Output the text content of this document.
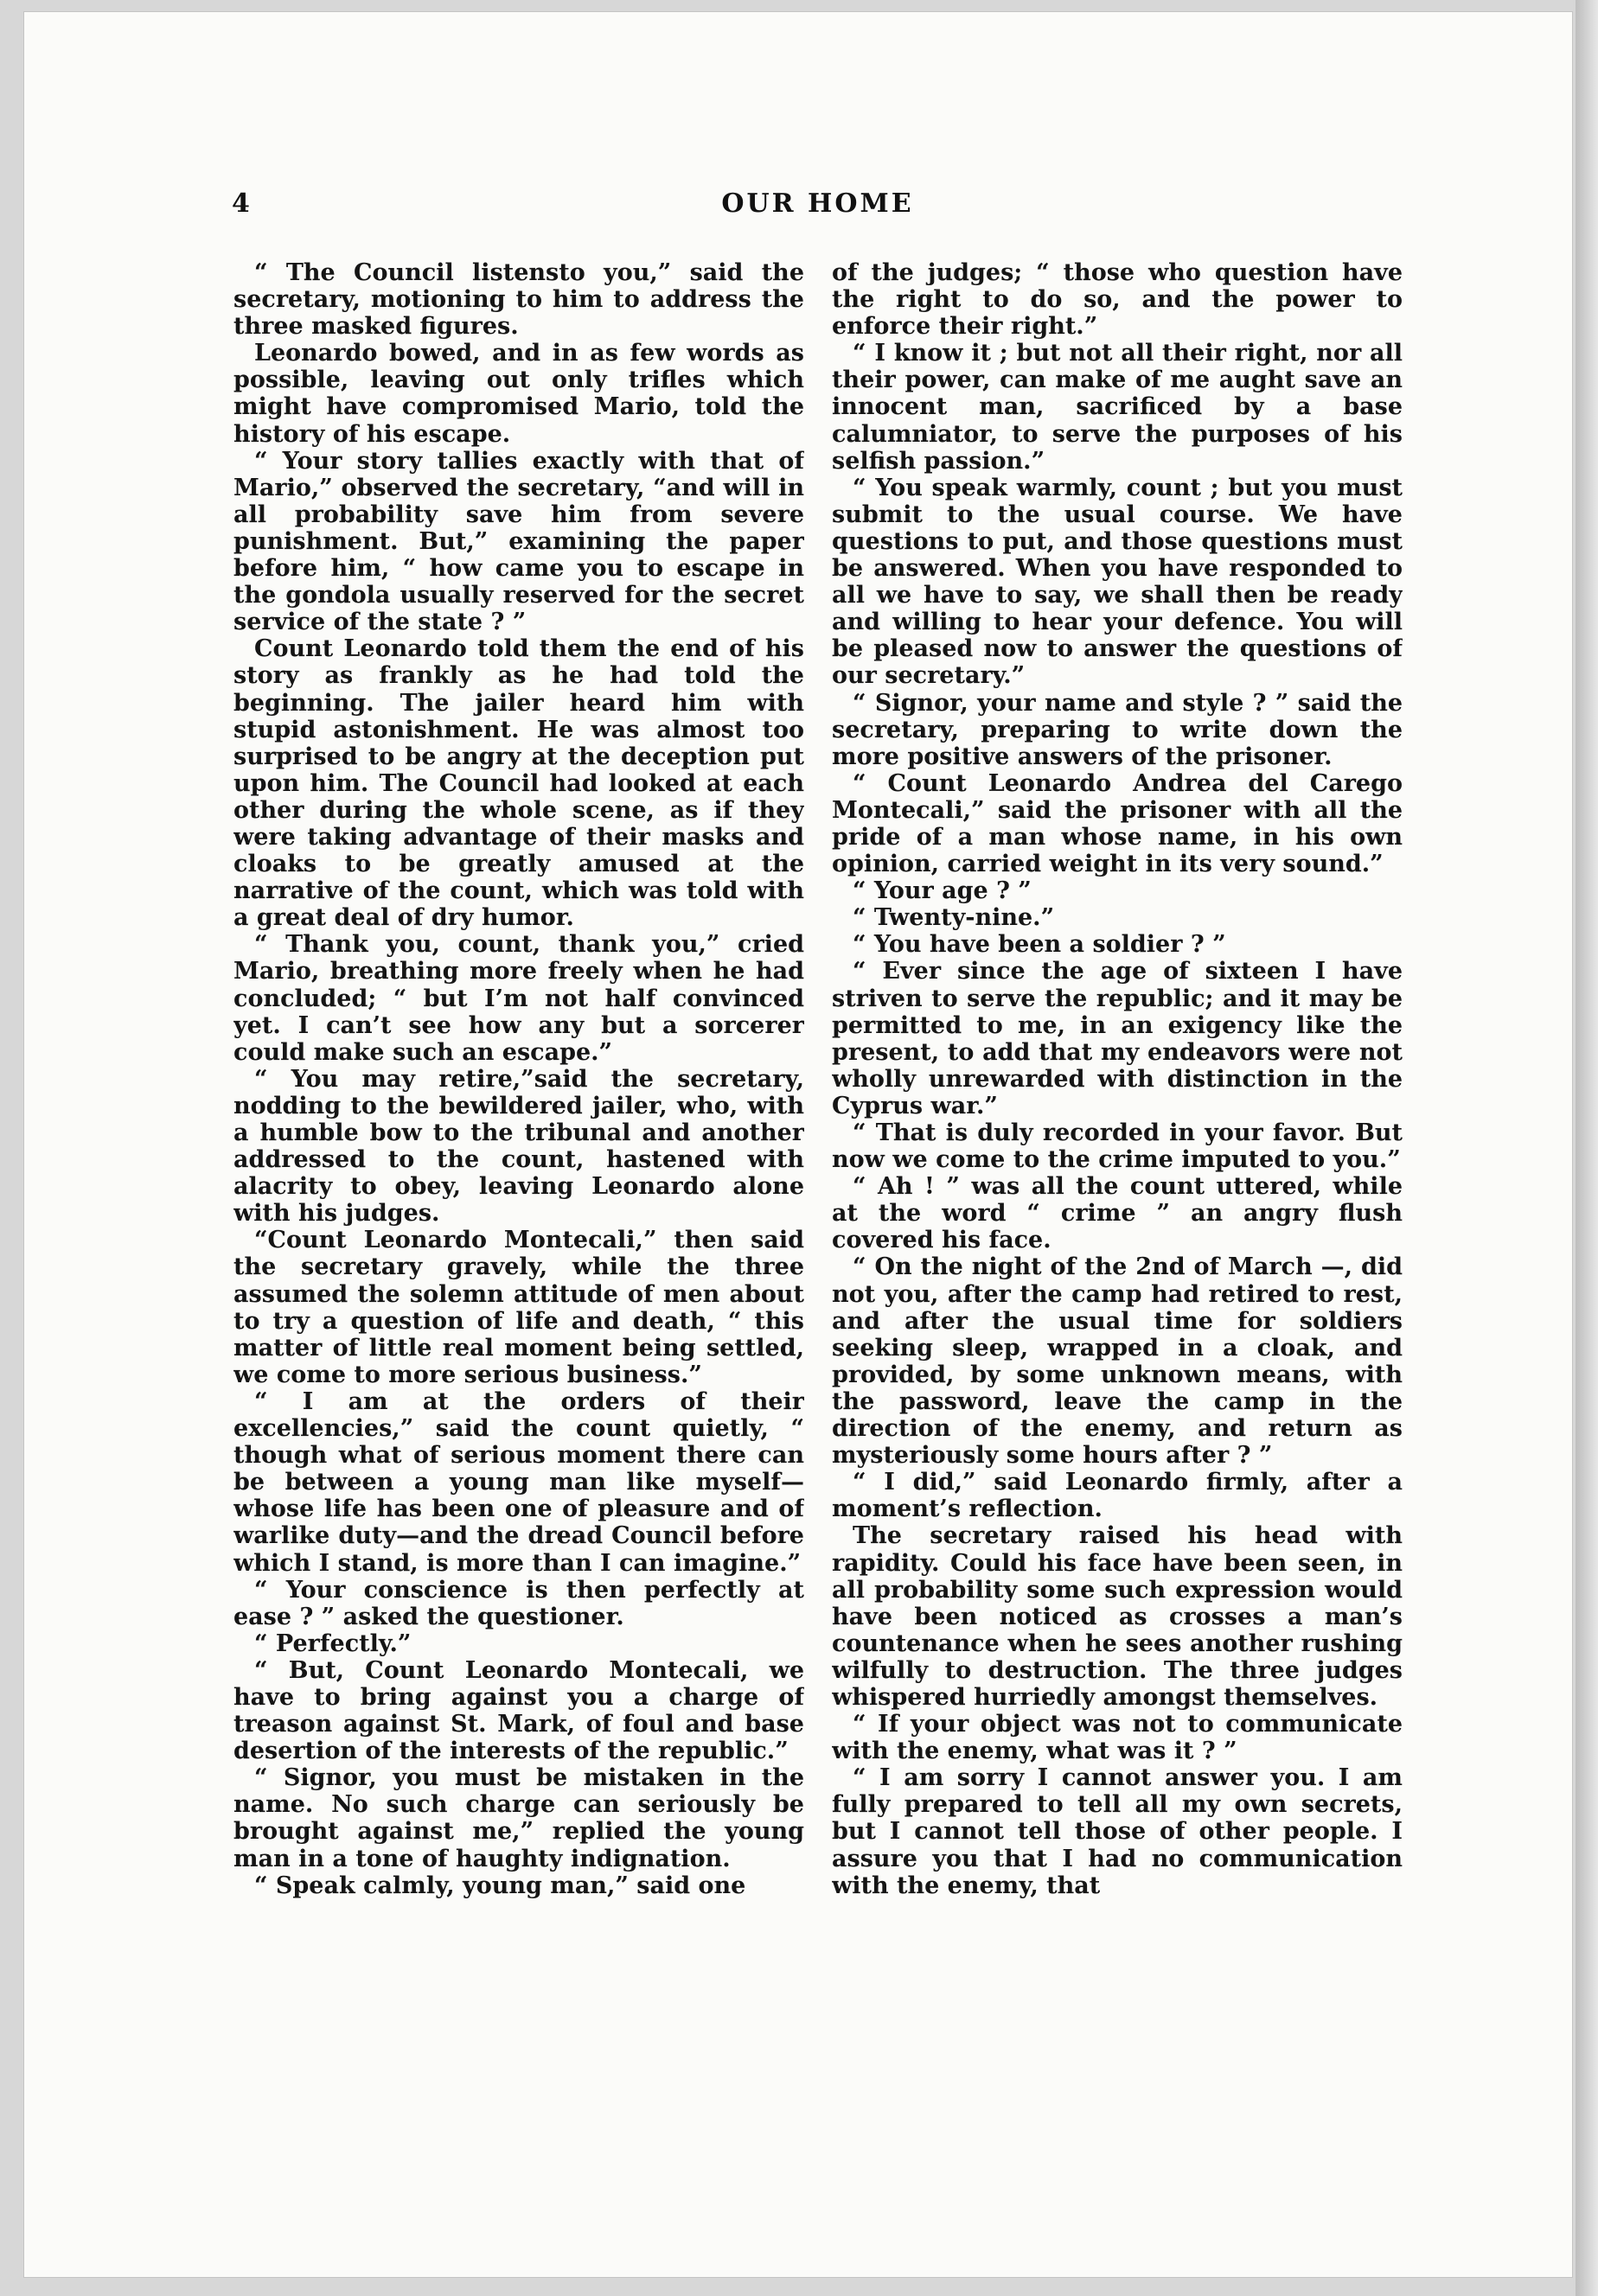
4	OUR HOME

“ The Council listensto you,” said the secretary, motioning to him to address the three masked figures.

Leonardo bowed, and in as few words as possible, leaving out only trifles which might have compromised Mario, told the history of his escape.

“ Your story tallies exactly with that of Mario,” observed the secretary, “and will in all probability save him from severe punishment. But,” examining the paper before him, “ how came you to escape in the gondola usually reserved for the secret service of the state ? ”

Count Leonardo told them the end of his story as frankly as he had told the beginning. The jailer heard him with stupid astonishment. He was almost too surprised to be angry at the deception put upon him. The Council had looked at each other during the whole scene, as if they were taking advantage of their masks and cloaks to be greatly amused at the narrative of the count, which was told with a great deal of dry humor.

“ Thank you, count, thank you,” cried Mario, breathing more freely when he had concluded; “ but I’m not half convinced yet. I can’t see how any but a sorcerer could make such an escape.”

“ You may retire,”said the secretary, nodding to the bewildered jailer, who, with a humble bow to the tribunal and another addressed to the count, hastened with alacrity to obey, leaving Leonardo alone with his judges.

“Count Leonardo Montecali,” then said the secretary gravely, while the three assumed the solemn attitude of men about to try a question of life and death, “ this matter of little real moment being settled, we come to more serious business.”

“ I am at the orders of their excellencies,” said the count quietly, “ though what of serious moment there can be between a young man like myself—whose life has been one of pleasure and of warlike duty—and the dread Council before which I stand, is more than I can imagine.”

“ Your conscience is then perfectly at ease ? ” asked the questioner.

“ Perfectly.”

“ But, Count Leonardo Montecali, we have to bring against you a charge of treason against St. Mark, of foul and base desertion of the interests of the republic.”

“ Signor, you must be mistaken in the name. No such charge can seriously be brought against me,” replied the young man in a tone of haughty indignation.

“ Speak calmly, young man,” said one

of the judges; “ those who question have the right to do so, and the power to enforce their right.”

“ I know it ; but not all their right, nor all their power, can make of me aught save an innocent man, sacrificed by a base calumniator, to serve the purposes of his selfish passion.”

“ You speak warmly, count ; but you must submit to the usual course. We have questions to put, and those questions must be answered. When you have responded to all we have to say, we shall then be ready and willing to hear your defence. You will be pleased now to answer the questions of our secretary.”

“ Signor, your name and style ? ” said the secretary, preparing to write down the more positive answers of the prisoner.

“ Count Leonardo Andrea del Carego Montecali,” said the prisoner with all the pride of a man whose name, in his own opinion, carried weight in its very sound.”

“ Your age ? ”

“ Twenty-nine.”

“ You have been a soldier ? ”

“ Ever since the age of sixteen I have striven to serve the republic; and it may be permitted to me, in an exigency like the present, to add that my endeavors were not wholly unrewarded with distinction in the Cyprus war.”

“ That is duly recorded in your favor. But now we come to the crime imputed to you.”

“ Ah ! ” was all the count uttered, while at the word “ crime ” an angry flush covered his face.

“ On the night of the 2nd of March —, did not you, after the camp had retired to rest, and after the usual time for soldiers seeking sleep, wrapped in a cloak, and provided, by some unknown means, with the password, leave the camp in the direction of the enemy, and return as mysteriously some hours after ? ”

“ I did,” said Leonardo firmly, after a moment’s reflection.

The secretary raised his head with rapidity. Could his face have been seen, in all probability some such expression would have been noticed as crosses a man’s countenance when he sees another rushing wilfully to destruction. The three judges whispered hurriedly amongst themselves.

“ If your object was not to communicate with the enemy, what was it ? ”

“ I am sorry I cannot answer you. I am fully prepared to tell all my own secrets, but I cannot tell those of other people. I assure you that I had no communication with the enemy, that
